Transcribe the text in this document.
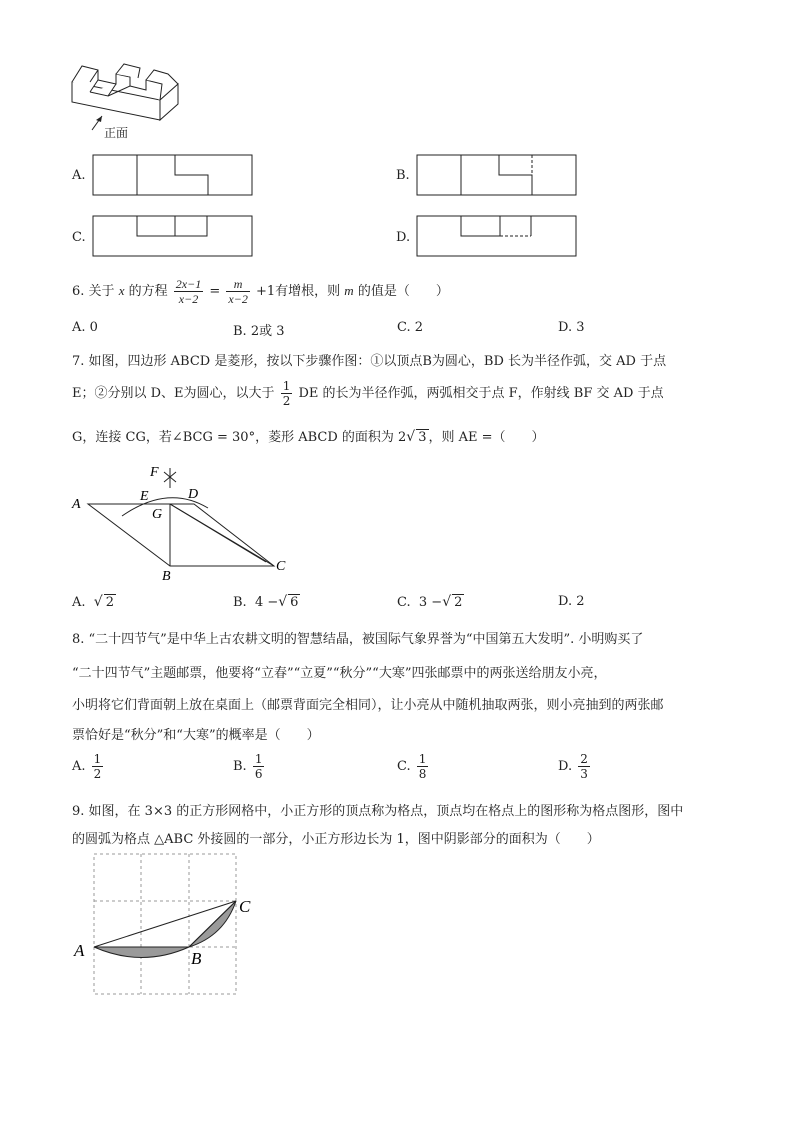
正面
A.	B.
C.	D.
6. 关于 x 的方程 $\frac{2x-1}{x-2} = \frac{m}{x-2} +1$有增根，则 m 的值是（　　）
A. 0	B. 2或 3	C. 2	D. 3
7. 如图，四边形 ABCD 是菱形，按以下步骤作图：①以顶点B为圆心，BD 长为半径作弧，交 AD 于点
E；②分别以 D、E为圆心，以大于 $\frac{1}{2}$ DE 的长为半径作弧，两弧相交于点 F，作射线 BF 交 AD 于点
G，连接 CG，若∠BCG = 30°，菱形 ABCD 的面积为 2√ 3 ，则 AE =（　　）
F
E	D
A
G
B
C
A. √ 2	B. 4 −√ 6	C. 3 −√ 2	D. 2
8. “二十四节气”是中华上古农耕文明的智慧结晶，被国际气象界誉为“中国第五大发明”. 小明购买了
“二十四节气”主题邮票，他要将“立春”“立夏”“秋分”“大寒”四张邮票中的两张送给朋友小亮，
小明将它们背面朝上放在桌面上（邮票背面完全相同），让小亮从中随机抽取两张，则小亮抽到的两张邮
票恰好是“秋分”和“大寒”的概率是（　　）
A. $\frac{1}{2}$	B. $\frac{1}{6}$	C. $\frac{1}{8}$	D. $\frac{2}{3}$
9. 如图，在 3×3 的正方形网格中，小正方形的顶点称为格点，顶点均在格点上的图形称为格点图形，图中
的圆弧为格点 △ABC 外接圆的一部分，小正方形边长为 1，图中阴影部分的面积为（　　）
A	B
C
